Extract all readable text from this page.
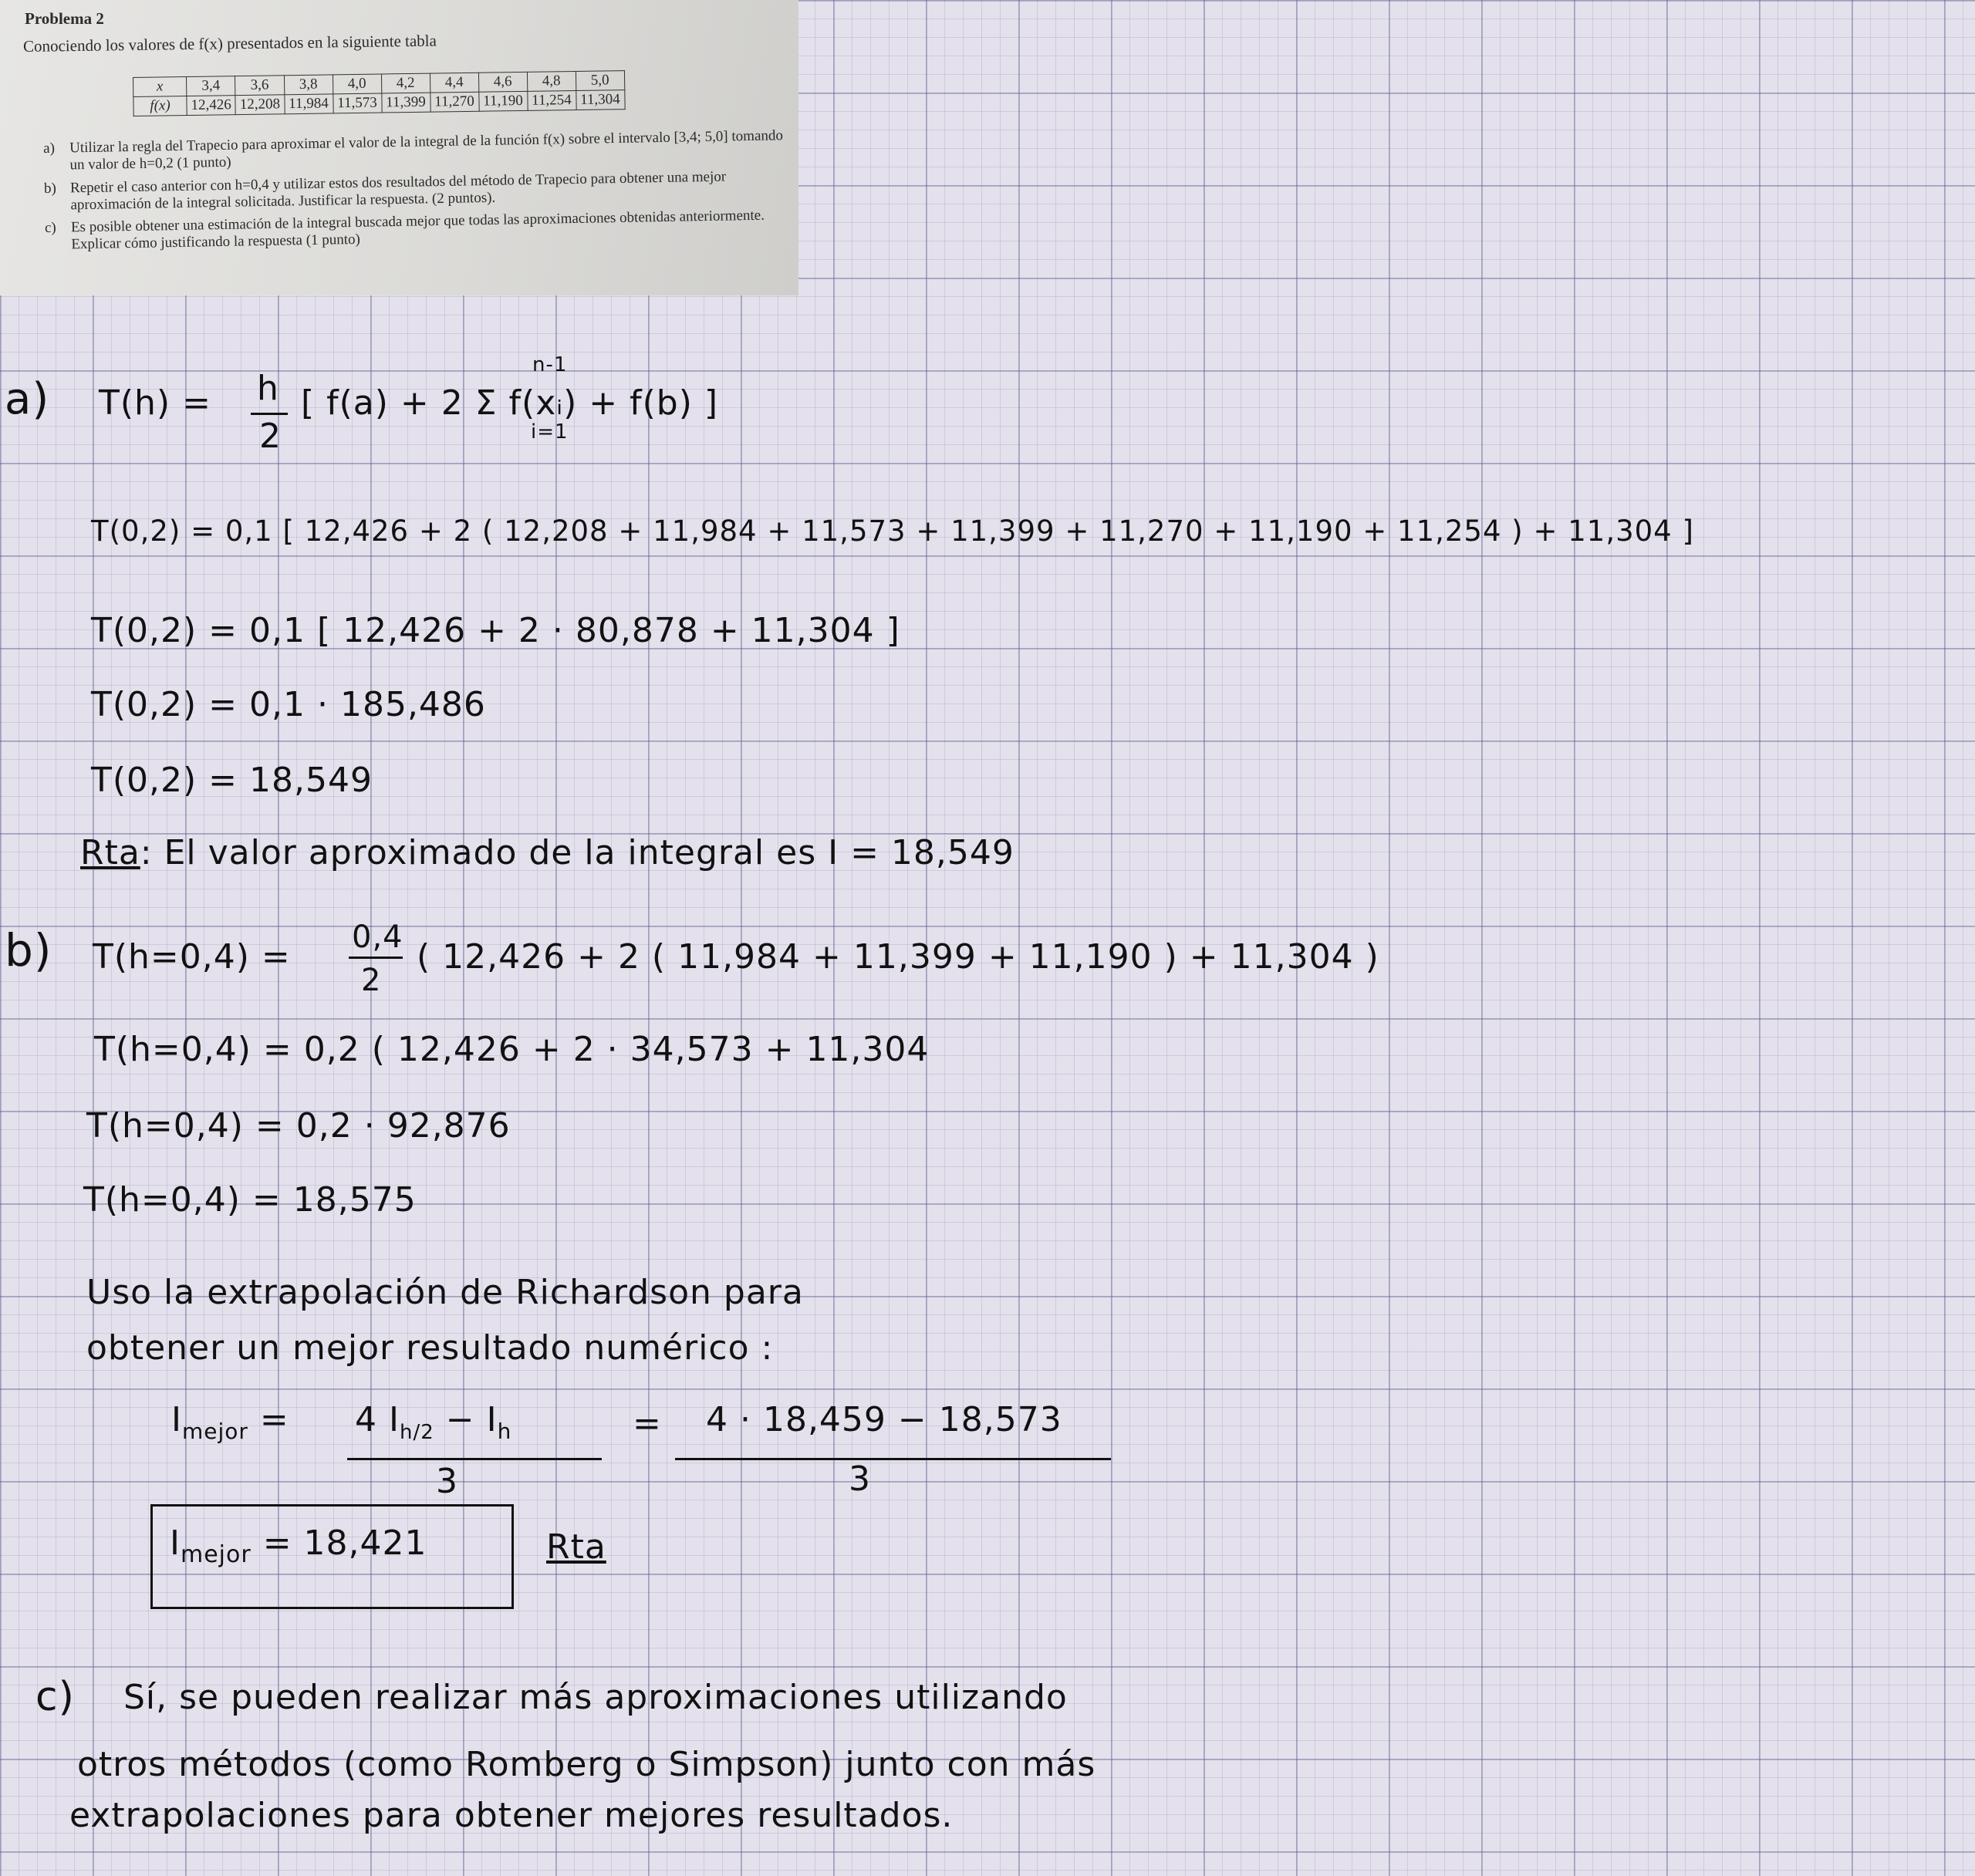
Problema 2

Conociendo los valores de f(x) presentados en la siguiente tabla

x	3,4	3,6	3,8	4,0	4,2	4,4	4,6	4,8	5,0
f(x)	12,426	12,208	11,984	11,573	11,399	11,270	11,190	11,254	11,304
a) Utilizar la regla del Trapecio para aproximar el valor de la integral de la función f(x) sobre el intervalo [3,4; 5,0] tomando un valor de h=0,2 (1 punto)
b) Repetir el caso anterior con h=0,4 y utilizar estos dos resultados del método de Trapecio para obtener una mejor aproximación de la integral solicitada. Justificar la respuesta. (2 puntos).
c) Es posible obtener una estimación de la integral buscada mejor que todas las aproximaciones obtenidas anteriormente. Explicar cómo justificando la respuesta (1 punto)
a) T(h) = h
2
n-1
i=1
[ f(a) + 2 Σ f(xᵢ) + f(b) ]
T(0,2) = 0,1 [ 12,426 + 2 ( 12,208 + 11,984 + 11,573 + 11,399 + 11,270 + 11,190 + 11,254 ) + 11,304 ]
T(0,2) = 0,1 [ 12,426 + 2 · 80,878 + 11,304 ]
T(0,2) = 0,1 · 185,486
T(0,2) = 18,549
Rta: El valor aproximado de la integral es I = 18,549
b) T(h=0,4) = 0,4
2
( 12,426 + 2 ( 11,984 + 11,399 + 11,190 ) + 11,304 )
T(h=0,4) = 0,2 ( 12,426 + 2 · 34,573 + 11,304
T(h=0,4) = 0,2 · 92,876
T(h=0,4) = 18,575
Uso la extrapolación de Richardson para
obtener un mejor resultado numérico :
$I_{mejor} = 4$ $I_{h/2} - I_h$
3
= 4 · 18,459 − 18,573
3
$I_{mejor} = 18,421$	Rta
c) Sí, se pueden realizar más aproximaciones utilizando
otros métodos (como Romberg o Simpson) junto con más
extrapolaciones para obtener mejores resultados.
